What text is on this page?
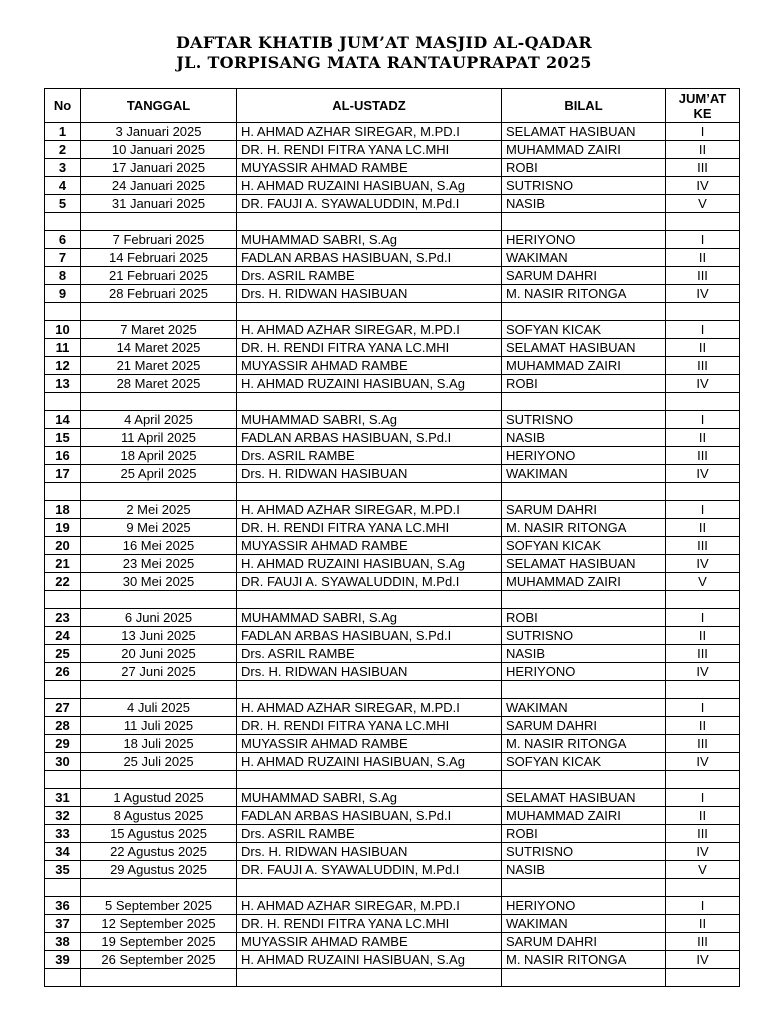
DAFTAR KHATIB JUM’AT MASJID AL-QADAR
JL. TORPISANG MATA RANTAUPRAPAT 2025
No	TANGGAL	AL-USTADZ	BILAL	JUM’AT
KE
1	3 Januari 2025	H. AHMAD AZHAR SIREGAR, M.PD.I	SELAMAT HASIBUAN	I
2	10 Januari 2025	DR. H. RENDI FITRA YANA LC.MHI	MUHAMMAD ZAIRI	II
3	17 Januari 2025	MUYASSIR AHMAD RAMBE	ROBI	III
4	24 Januari 2025	H. AHMAD RUZAINI HASIBUAN, S.Ag	SUTRISNO	IV
5	31 Januari 2025	DR. FAUJI A. SYAWALUDDIN, M.Pd.I	NASIB	V

6	7 Februari 2025	MUHAMMAD SABRI, S.Ag	HERIYONO	I
7	14 Februari 2025	FADLAN ARBAS HASIBUAN, S.Pd.I	WAKIMAN	II
8	21 Februari 2025	Drs. ASRIL RAMBE	SARUM DAHRI	III
9	28 Februari 2025	Drs. H. RIDWAN HASIBUAN	M. NASIR RITONGA	IV

10	7 Maret 2025	H. AHMAD AZHAR SIREGAR, M.PD.I	SOFYAN KICAK	I
11	14 Maret 2025	DR. H. RENDI FITRA YANA LC.MHI	SELAMAT HASIBUAN	II
12	21 Maret 2025	MUYASSIR AHMAD RAMBE	MUHAMMAD ZAIRI	III
13	28 Maret 2025	H. AHMAD RUZAINI HASIBUAN, S.Ag	ROBI	IV

14	4 April 2025	MUHAMMAD SABRI, S.Ag	SUTRISNO	I
15	11 April 2025	FADLAN ARBAS HASIBUAN, S.Pd.I	NASIB	II
16	18 April 2025	Drs. ASRIL RAMBE	HERIYONO	III
17	25 April 2025	Drs. H. RIDWAN HASIBUAN	WAKIMAN	IV

18	2 Mei 2025	H. AHMAD AZHAR SIREGAR, M.PD.I	SARUM DAHRI	I
19	9 Mei 2025	DR. H. RENDI FITRA YANA LC.MHI	M. NASIR RITONGA	II
20	16 Mei 2025	MUYASSIR AHMAD RAMBE	SOFYAN KICAK	III
21	23 Mei 2025	H. AHMAD RUZAINI HASIBUAN, S.Ag	SELAMAT HASIBUAN	IV
22	30 Mei 2025	DR. FAUJI A. SYAWALUDDIN, M.Pd.I	MUHAMMAD ZAIRI	V

23	6 Juni 2025	MUHAMMAD SABRI, S.Ag	ROBI	I
24	13 Juni 2025	FADLAN ARBAS HASIBUAN, S.Pd.I	SUTRISNO	II
25	20 Juni 2025	Drs. ASRIL RAMBE	NASIB	III
26	27 Juni 2025	Drs. H. RIDWAN HASIBUAN	HERIYONO	IV

27	4 Juli 2025	H. AHMAD AZHAR SIREGAR, M.PD.I	WAKIMAN	I
28	11 Juli 2025	DR. H. RENDI FITRA YANA LC.MHI	SARUM DAHRI	II
29	18 Juli 2025	MUYASSIR AHMAD RAMBE	M. NASIR RITONGA	III
30	25 Juli 2025	H. AHMAD RUZAINI HASIBUAN, S.Ag	SOFYAN KICAK	IV

31	1 Agustud 2025	MUHAMMAD SABRI, S.Ag	SELAMAT HASIBUAN	I
32	8 Agustus 2025	FADLAN ARBAS HASIBUAN, S.Pd.I	MUHAMMAD ZAIRI	II
33	15 Agustus 2025	Drs. ASRIL RAMBE	ROBI	III
34	22 Agustus 2025	Drs. H. RIDWAN HASIBUAN	SUTRISNO	IV
35	29 Agustus 2025	DR. FAUJI A. SYAWALUDDIN, M.Pd.I	NASIB	V

36	5 September 2025	H. AHMAD AZHAR SIREGAR, M.PD.I	HERIYONO	I
37	12 September 2025	DR. H. RENDI FITRA YANA LC.MHI	WAKIMAN	II
38	19 September 2025	MUYASSIR AHMAD RAMBE	SARUM DAHRI	III
39	26 September 2025	H. AHMAD RUZAINI HASIBUAN, S.Ag	M. NASIR RITONGA	IV
